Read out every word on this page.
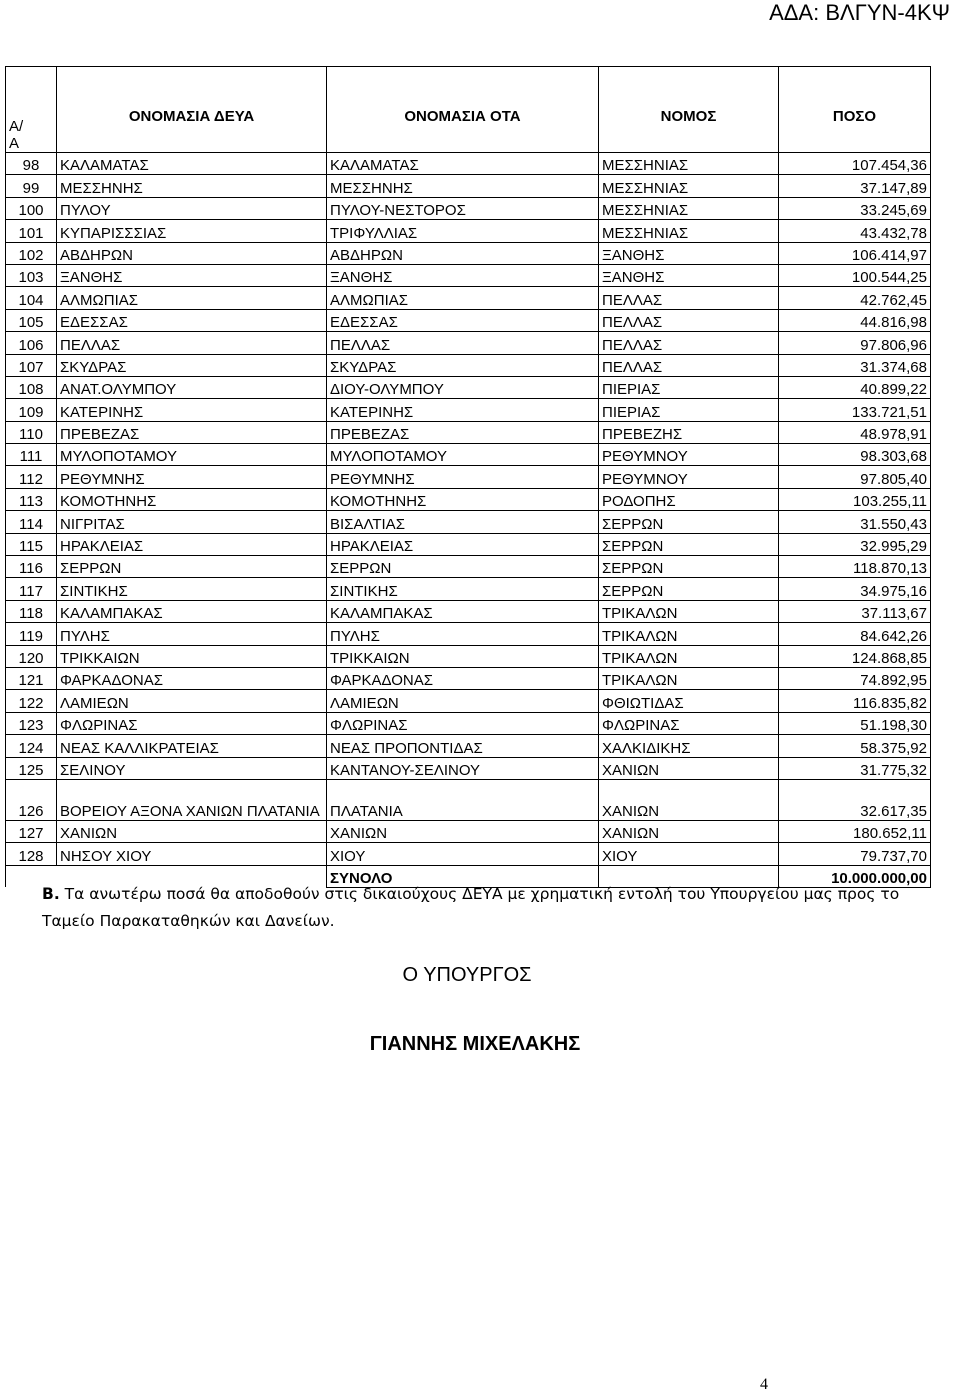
ΑΔΑ: ΒΛΓΥΝ-4ΚΨ
Α/
Α	ΟΝΟΜΑΣΙΑ ΔΕΥΑ	ΟΝΟΜΑΣΙΑ ΟΤΑ	ΝΟΜΟΣ	ΠΟΣΟ
98	ΚΑΛΑΜΑΤΑΣ	ΚΑΛΑΜΑΤΑΣ	ΜΕΣΣΗΝΙΑΣ	107.454,36
99	ΜΕΣΣΗΝΗΣ	ΜΕΣΣΗΝΗΣ	ΜΕΣΣΗΝΙΑΣ	37.147,89
100	ΠΥΛΟΥ	ΠΥΛΟΥ-ΝΕΣΤΟΡΟΣ	ΜΕΣΣΗΝΙΑΣ	33.245,69
101	ΚΥΠΑΡΙΣΣΣΙΑΣ	ΤΡΙΦΥΛΛΙΑΣ	ΜΕΣΣΗΝΙΑΣ	43.432,78
102	ΑΒΔΗΡΩΝ	ΑΒΔΗΡΩΝ	ΞΑΝΘΗΣ	106.414,97
103	ΞΑΝΘΗΣ	ΞΑΝΘΗΣ	ΞΑΝΘΗΣ	100.544,25
104	ΑΛΜΩΠΙΑΣ	ΑΛΜΩΠΙΑΣ	ΠΕΛΛΑΣ	42.762,45
105	ΕΔΕΣΣΑΣ	ΕΔΕΣΣΑΣ	ΠΕΛΛΑΣ	44.816,98
106	ΠΕΛΛΑΣ	ΠΕΛΛΑΣ	ΠΕΛΛΑΣ	97.806,96
107	ΣΚΥΔΡΑΣ	ΣΚΥΔΡΑΣ	ΠΕΛΛΑΣ	31.374,68
108	ΑΝΑΤ.ΟΛΥΜΠΟΥ	ΔΙΟΥ-ΟΛΥΜΠΟΥ	ΠΙΕΡΙΑΣ	40.899,22
109	ΚΑΤΕΡΙΝΗΣ	ΚΑΤΕΡΙΝΗΣ	ΠΙΕΡΙΑΣ	133.721,51
110	ΠΡΕΒΕΖΑΣ	ΠΡΕΒΕΖΑΣ	ΠΡΕΒΕΖΗΣ	48.978,91
111	ΜΥΛΟΠΟΤΑΜΟΥ	ΜΥΛΟΠΟΤΑΜΟΥ	ΡΕΘΥΜΝΟΥ	98.303,68
112	ΡΕΘΥΜΝΗΣ	ΡΕΘΥΜΝΗΣ	ΡΕΘΥΜΝΟΥ	97.805,40
113	ΚΟΜΟΤΗΝΗΣ	ΚΟΜΟΤΗΝΗΣ	ΡΟΔΟΠΗΣ	103.255,11
114	ΝΙΓΡΙΤΑΣ	ΒΙΣΑΛΤΙΑΣ	ΣΕΡΡΩΝ	31.550,43
115	ΗΡΑΚΛΕΙΑΣ	ΗΡΑΚΛΕΙΑΣ	ΣΕΡΡΩΝ	32.995,29
116	ΣΕΡΡΩΝ	ΣΕΡΡΩΝ	ΣΕΡΡΩΝ	118.870,13
117	ΣΙΝΤΙΚΗΣ	ΣΙΝΤΙΚΗΣ	ΣΕΡΡΩΝ	34.975,16
118	ΚΑΛΑΜΠΑΚΑΣ	ΚΑΛΑΜΠΑΚΑΣ	ΤΡΙΚΑΛΩΝ	37.113,67
119	ΠΥΛΗΣ	ΠΥΛΗΣ	ΤΡΙΚΑΛΩΝ	84.642,26
120	ΤΡΙΚΚΑΙΩΝ	ΤΡΙΚΚΑΙΩΝ	ΤΡΙΚΑΛΩΝ	124.868,85
121	ΦΑΡΚΑΔΟΝΑΣ	ΦΑΡΚΑΔΟΝΑΣ	ΤΡΙΚΑΛΩΝ	74.892,95
122	ΛΑΜΙΕΩΝ	ΛΑΜΙΕΩΝ	ΦΘΙΩΤΙΔΑΣ	116.835,82
123	ΦΛΩΡΙΝΑΣ	ΦΛΩΡΙΝΑΣ	ΦΛΩΡΙΝΑΣ	51.198,30
124	ΝΕΑΣ ΚΑΛΛΙΚΡΑΤΕΙΑΣ	ΝΕΑΣ ΠΡΟΠΟΝΤΙΔΑΣ	ΧΑΛΚΙΔΙΚΗΣ	58.375,92
125	ΣΕΛΙΝΟΥ	ΚΑΝΤΑΝΟΥ-ΣΕΛΙΝΟΥ	ΧΑΝΙΩΝ	31.775,32
126	ΒΟΡΕΙΟΥ ΑΞΟΝΑ ΧΑΝΙΩΝ ΠΛΑΤΑΝΙΑ	ΠΛΑΤΑΝΙΑ	ΧΑΝΙΩΝ	32.617,35
127	ΧΑΝΙΩΝ	ΧΑΝΙΩΝ	ΧΑΝΙΩΝ	180.652,11
128	ΝΗΣΟΥ ΧΙΟΥ	ΧΙΟΥ	ΧΙΟΥ	79.737,70
		ΣΥΝΟΛΟ		10.000.000,00
Β. Τα ανωτέρω ποσά θα αποδοθούν στις δικαιούχους ΔΕΥΑ με χρηματική εντολή του Υπουργείου μας προς το Ταμείο Παρακαταθηκών και Δανείων.
Ο ΥΠΟΥΡΓΟΣ
ΓΙΑΝΝΗΣ ΜΙΧΕΛΑΚΗΣ
4
